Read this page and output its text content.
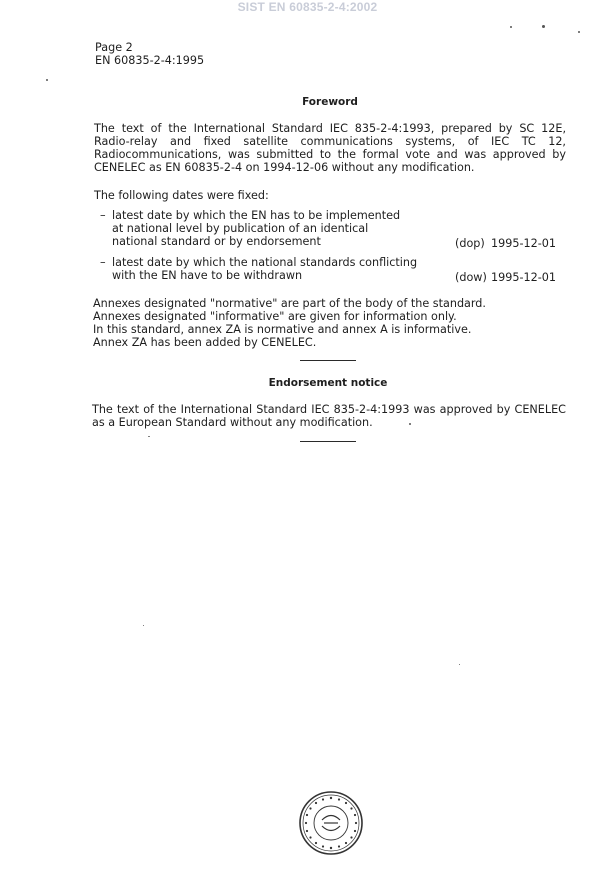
SIST EN 60835-2-4:2002
Page 2
EN 60835-2-4:1995
Foreword
The text of the International Standard IEC 835-2-4:1993, prepared by SC 12E, Radio-relay and fixed satellite communications systems, of IEC TC 12, Radiocommunications, was submitted to the formal vote and was approved by CENELEC as EN 60835-2-4 on 1994-12-06 without any modification.
The following dates were fixed:
– latest date by which the EN has to be implemented
at national level by publication of an identical
national standard or by endorsement	(dop) 1995-12-01
– latest date by which the national standards conflicting
with the EN have to be withdrawn	(dow) 1995-12-01
Annexes designated "normative" are part of the body of the standard.
Annexes designated "informative" are given for information only.
In this standard, annex ZA is normative and annex A is informative.
Annex ZA has been added by CENELEC.
Endorsement notice
The text of the International Standard IEC 835-2-4:1993 was approved by CENELEC as a European Standard without any modification.
